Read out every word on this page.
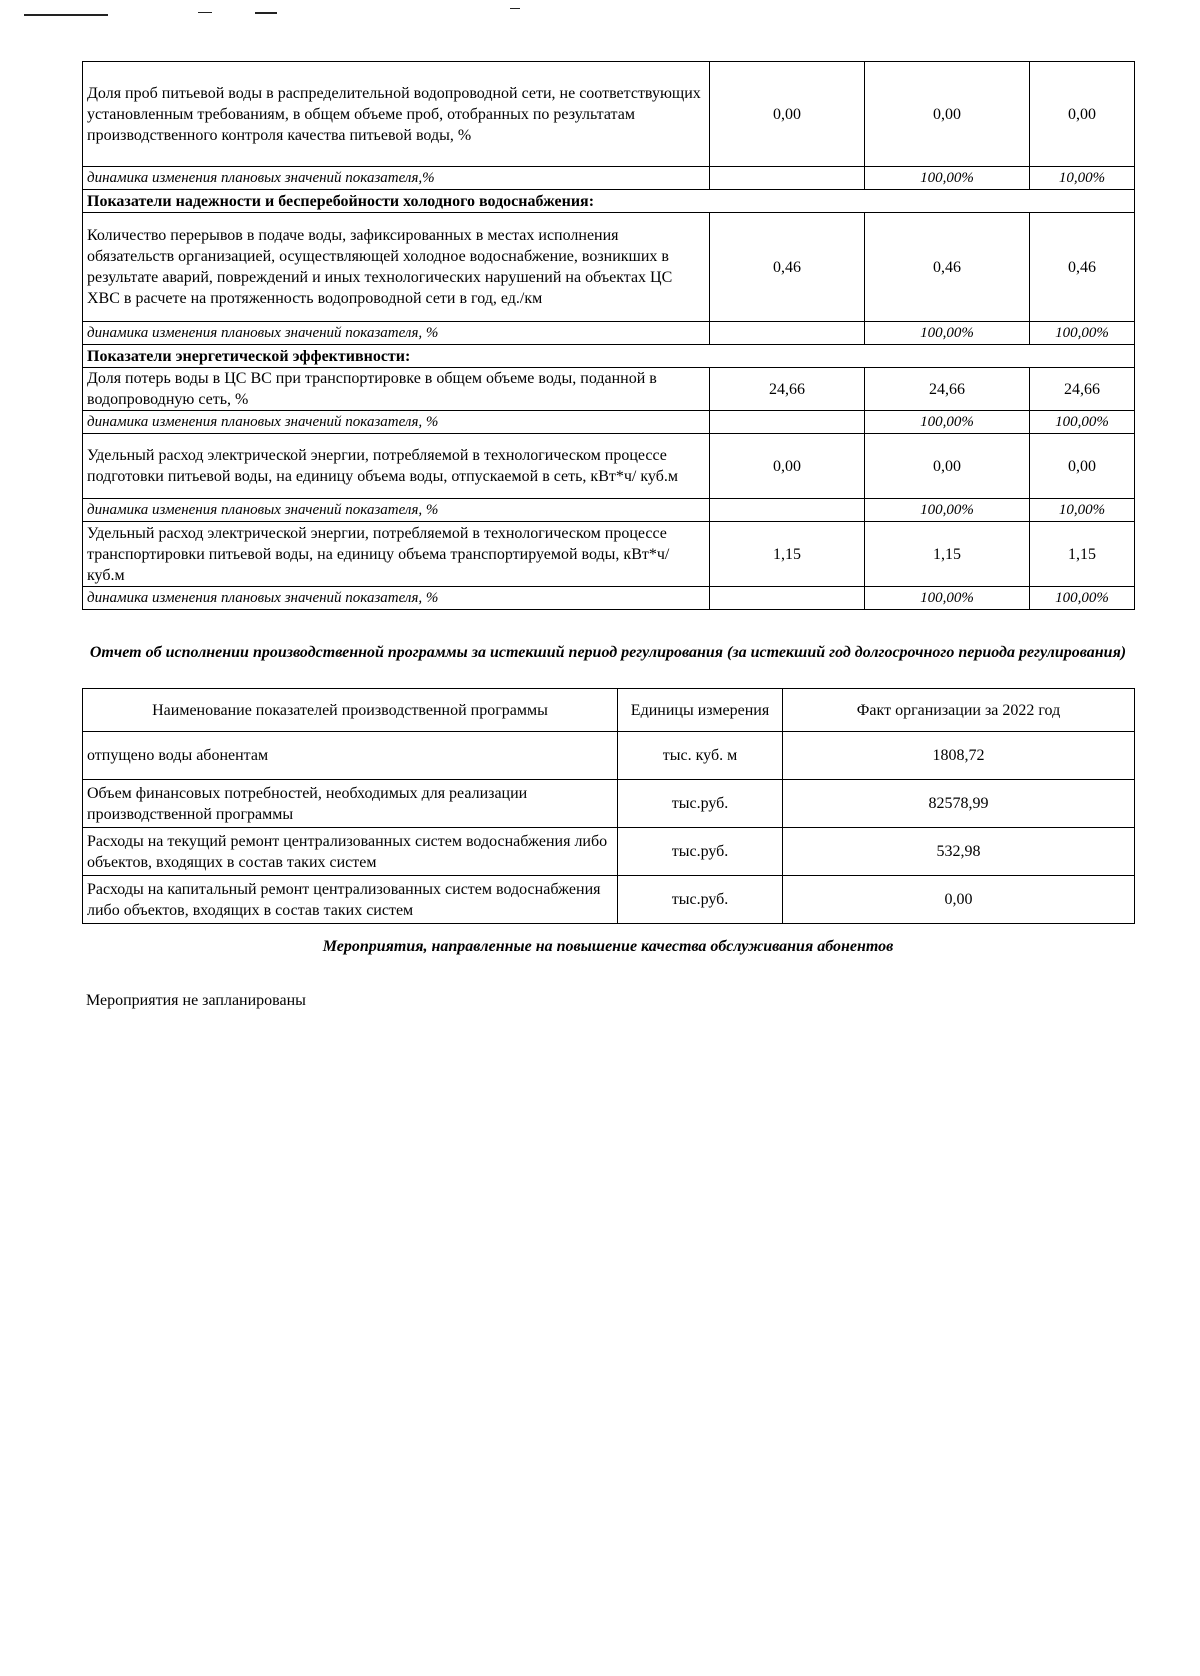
Доля проб питьевой воды в распределительной водопроводной сети, не соответствующих установленным требованиям, в общем объеме проб, отобранных по результатам производственного контроля качества питьевой воды, %	0,00	0,00	0,00
динамика изменения плановых значений показателя,%		100,00%	10,00%
Показатели надежности и бесперебойности холодного водоснабжения:			
Количество перерывов в подаче воды, зафиксированных в местах исполнения обязательств организацией, осуществляющей холодное водоснабжение, возникших в результате аварий, повреждений и иных технологических нарушений на объектах ЦС ХВС в расчете на протяженность водопроводной сети в год, ед./км	0,46	0,46	0,46
динамика изменения плановых значений показателя, %		100,00%	100,00%
Показатели энергетической эффективности:			
Доля потерь воды в ЦС ВС при транспортировке в общем объеме воды, поданной в водопроводную сеть, %	24,66	24,66	24,66
динамика изменения плановых значений показателя, %		100,00%	100,00%
Удельный расход электрической энергии, потребляемой в технологическом процессе подготовки питьевой воды, на единицу объема воды, отпускаемой в сеть, кВт*ч/ куб.м	0,00	0,00	0,00
динамика изменения плановых значений показателя, %		100,00%	10,00%
Удельный расход электрической энергии, потребляемой в технологическом процессе транспортировки питьевой воды, на единицу объема транспортируемой воды, кВт*ч/ куб.м	1,15	1,15	1,15
динамика изменения плановых значений показателя, %		100,00%	100,00%
Отчет об исполнении производственной программы за истекший период регулирования (за истекший год долгосрочного периода регулирования)
Наименование показателей производственной программы	Единицы измерения	Факт организации за 2022 год
отпущено воды абонентам	тыс. куб. м	1808,72
Объем финансовых потребностей, необходимых для реализации производственной программы	тыс.руб.	82578,99
Расходы на текущий ремонт централизованных систем водоснабжения либо объектов, входящих в состав таких систем	тыс.руб.	532,98
Расходы на капитальный ремонт централизованных систем водоснабжения либо объектов, входящих в состав таких систем	тыс.руб.	0,00
Мероприятия, направленные на повышение качества обслуживания абонентов
Мероприятия не запланированы
